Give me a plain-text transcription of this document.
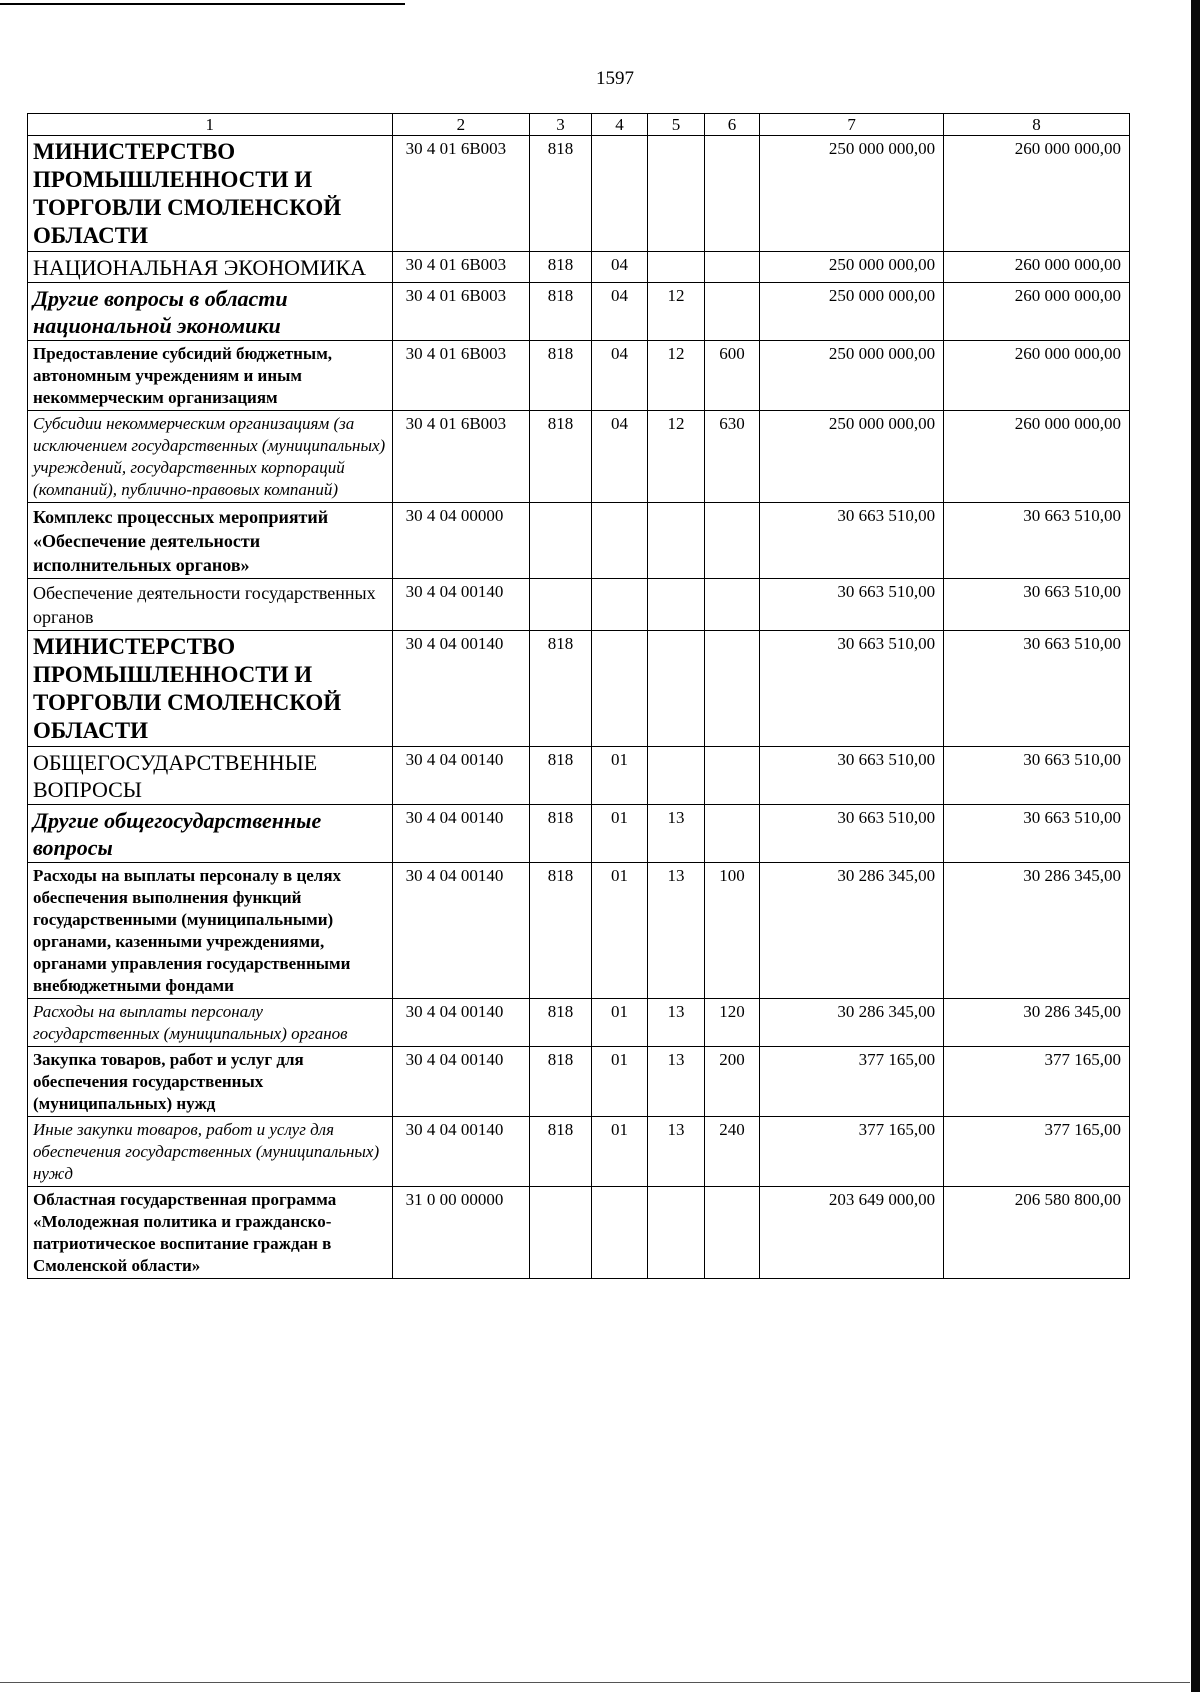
1597
1	2	3	4	5	6	7	8
МИНИСТЕРСТВО ПРОМЫШЛЕННОСТИ И ТОРГОВЛИ СМОЛЕНСКОЙ ОБЛАСТИ	30 4 01 6В003	818				250 000 000,00	260 000 000,00
НАЦИОНАЛЬНАЯ ЭКОНОМИКА	30 4 01 6В003	818	04			250 000 000,00	260 000 000,00
Другие вопросы в области национальной экономики	30 4 01 6В003	818	04	12		250 000 000,00	260 000 000,00
Предоставление субсидий бюджетным, автономным учреждениям и иным некоммерческим организациям	30 4 01 6В003	818	04	12	600	250 000 000,00	260 000 000,00
Субсидии некоммерческим организациям (за исключением государственных (муниципальных) учреждений, государственных корпораций (компаний), публично-правовых компаний)	30 4 01 6В003	818	04	12	630	250 000 000,00	260 000 000,00
Комплекс процессных мероприятий «Обеспечение деятельности исполнительных органов»	30 4 04 00000					30 663 510,00	30 663 510,00
Обеспечение деятельности государственных органов	30 4 04 00140					30 663 510,00	30 663 510,00
МИНИСТЕРСТВО ПРОМЫШЛЕННОСТИ И ТОРГОВЛИ СМОЛЕНСКОЙ ОБЛАСТИ	30 4 04 00140	818				30 663 510,00	30 663 510,00
ОБЩЕГОСУДАРСТВЕННЫЕ ВОПРОСЫ	30 4 04 00140	818	01			30 663 510,00	30 663 510,00
Другие общегосударственные вопросы	30 4 04 00140	818	01	13		30 663 510,00	30 663 510,00
Расходы на выплаты персоналу в целях обеспечения выполнения функций государственными (муниципальными) органами, казенными учреждениями, органами управления государственными внебюджетными фондами	30 4 04 00140	818	01	13	100	30 286 345,00	30 286 345,00
Расходы на выплаты персоналу государственных (муниципальных) органов	30 4 04 00140	818	01	13	120	30 286 345,00	30 286 345,00
Закупка товаров, работ и услуг для обеспечения государственных (муниципальных) нужд	30 4 04 00140	818	01	13	200	377 165,00	377 165,00
Иные закупки товаров, работ и услуг для обеспечения государственных (муниципальных) нужд	30 4 04 00140	818	01	13	240	377 165,00	377 165,00
Областная государственная программа «Молодежная политика и гражданско-патриотическое воспитание граждан в Смоленской области»	31 0 00 00000					203 649 000,00	206 580 800,00
